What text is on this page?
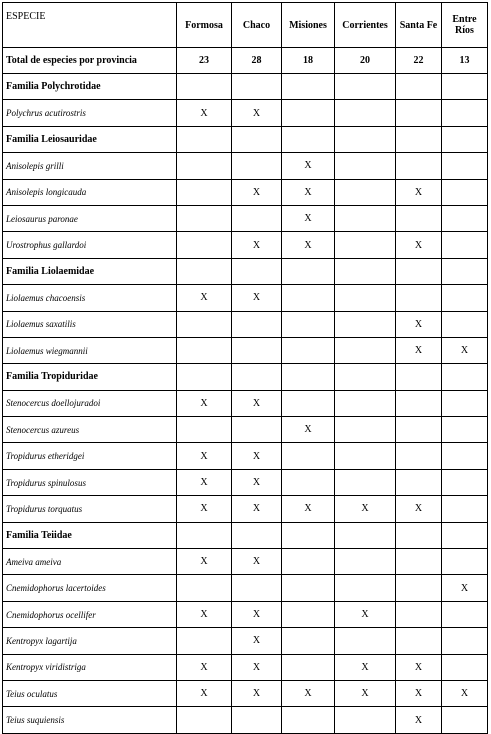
ESPECIE	Formosa	Chaco	Misiones	Corrientes	Santa Fe	Entre Ríos
Total de especies por provincia	23	28	18	20	22	13
Familia Polychrotidae						
Polychrus acutirostris	X	X				
Familia Leiosauridae						
Anisolepis grilli			X			
Anisolepis longicauda		X	X		X	
Leiosaurus paronae			X			
Urostrophus gallardoi		X	X		X	
Familia Liolaemidae						
Liolaemus chacoensis	X	X				
Liolaemus saxatilis					X	
Liolaemus wiegmannii					X	X
Familia Tropiduridae						
Stenocercus doellojuradoi	X	X				
Stenocercus azureus			X			
Tropidurus etheridgei	X	X				
Tropidurus spinulosus	X	X				
Tropidurus torquatus	X	X	X	X	X	
Familia Teiidae						
Ameiva ameiva	X	X				
Cnemidophorus lacertoides						X
Cnemidophorus ocellifer	X	X		X		
Kentropyx lagartija		X				
Kentropyx viridistriga	X	X		X	X	
Teius oculatus	X	X	X	X	X	X
Teius suquiensis					X	
